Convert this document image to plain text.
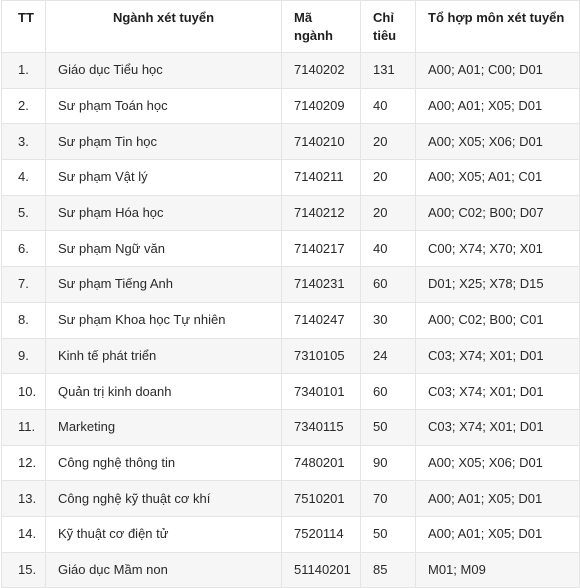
TT	Ngành xét tuyển	Mã ngành	Chỉ tiêu	Tổ hợp môn xét tuyển
1.	Giáo dục Tiểu học	7140202	131	A00; A01; C00; D01
2.	Sư phạm Toán học	7140209	40	A00; A01; X05; D01
3.	Sư phạm Tin học	7140210	20	A00; X05; X06; D01
4.	Sư phạm Vật lý	7140211	20	A00; X05; A01; C01
5.	Sư phạm Hóa học	7140212	20	A00; C02; B00; D07
6.	Sư phạm Ngữ văn	7140217	40	C00; X74; X70; X01
7.	Sư phạm Tiếng Anh	7140231	60	D01; X25; X78; D15
8.	Sư phạm Khoa học Tự nhiên	7140247	30	A00; C02; B00; C01
9.	Kinh tế phát triển	7310105	24	C03; X74; X01; D01
10.	Quản trị kinh doanh	7340101	60	C03; X74; X01; D01
11.	Marketing	7340115	50	C03; X74; X01; D01
12.	Công nghệ thông tin	7480201	90	A00; X05; X06; D01
13.	Công nghệ kỹ thuật cơ khí	7510201	70	A00; A01; X05; D01
14.	Kỹ thuật cơ điện tử	7520114	50	A00; A01; X05; D01
15.	Giáo dục Mầm non	51140201	85	M01; M09
